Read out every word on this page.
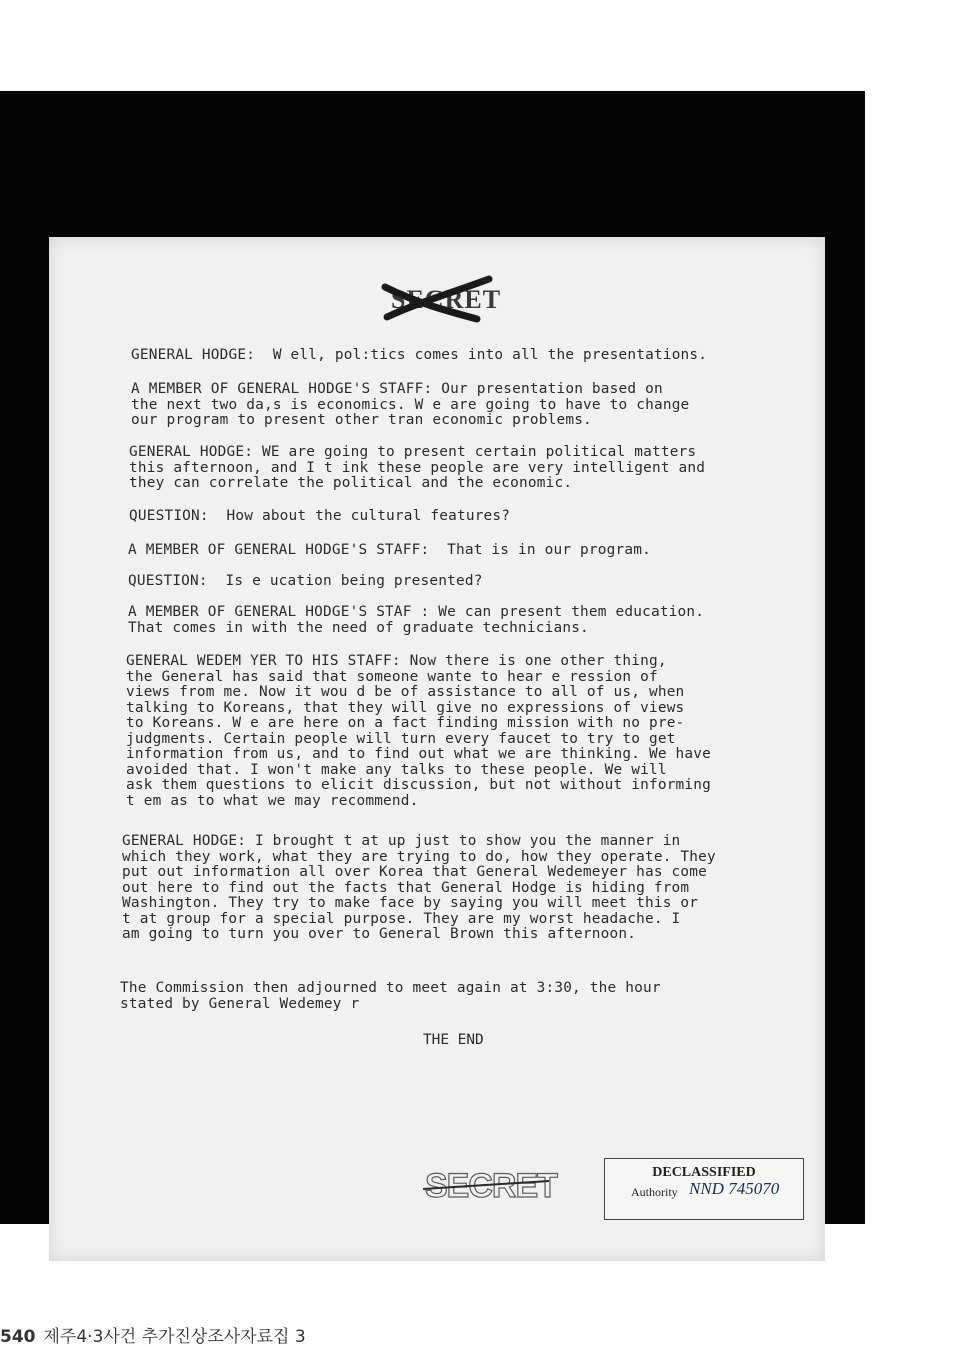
SECRET
GENERAL HODGE:  W ell, pol:tics comes into all the presentations.
A MEMBER OF GENERAL HODGE'S STAFF: Our presentation based on
the next two da,s is economics. W e are going to have to change
our program to present other tran economic problems.
GENERAL HODGE: WE are going to present certain political matters
this afternoon, and I t ink these people are very intelligent and
they can correlate the political and the economic.
QUESTION:  How about the cultural features?
A MEMBER OF GENERAL HODGE'S STAFF:  That is in our program.
QUESTION:  Is e ucation being presented?
A MEMBER OF GENERAL HODGE'S STAF : We can present them education.
That comes in with the need of graduate technicians.
GENERAL WEDEM YER TO HIS STAFF: Now there is one other thing,
the General has said that someone wante to hear e ression of
views from me. Now it wou d be of assistance to all of us, when
talking to Koreans, that they will give no expressions of views
to Koreans. W e are here on a fact finding mission with no pre-
judgments. Certain people will turn every faucet to try to get
information from us, and to find out what we are thinking. We have
avoided that. I won't make any talks to these people. We will
ask them questions to elicit discussion, but not without informing
t em as to what we may recommend.
GENERAL HODGE: I brought t at up just to show you the manner in
which they work, what they are trying to do, how they operate. They
put out information all over Korea that General Wedemeyer has come
out here to find out the facts that General Hodge is hiding from
Washington. They try to make face by saying you will meet this or
t at group for a special purpose. They are my worst headache. I
am going to turn you over to General Brown this afternoon.
The Commission then adjourned to meet again at 3:30, the hour
stated by General Wedemey r
THE END
SECRET	DECLASSIFIED
Authority NND 745070
540 제주4·3사건 추가진상조사자료집 3
